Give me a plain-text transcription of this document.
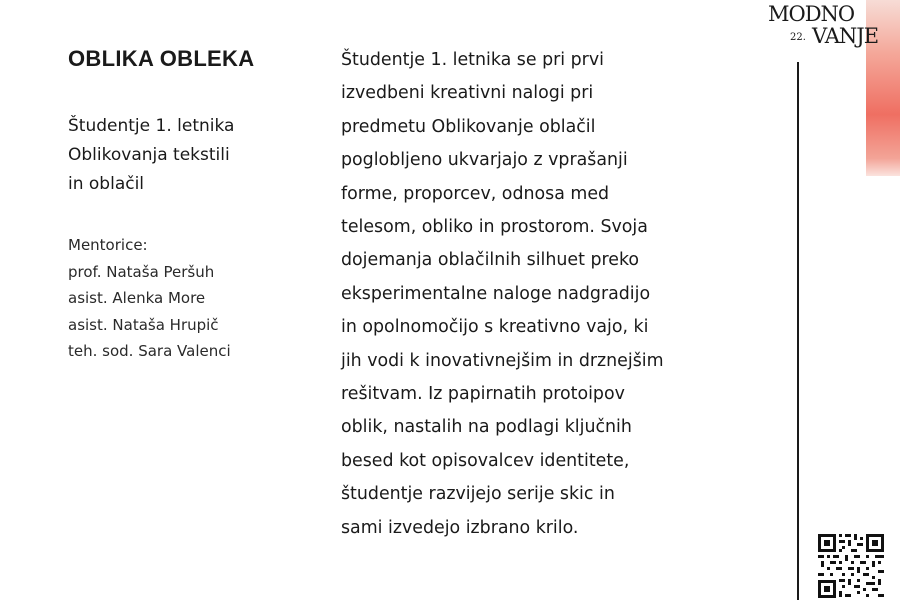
MODNO
22. VANJE
OBLIKA OBLEKA
Študentje 1. letnika
Oblikovanja tekstili
in oblačil
Mentorice:
prof. Nataša Peršuh
asist. Alenka More
asist. Nataša Hrupič
teh. sod. Sara Valenci
Študentje 1. letnika se pri prvi
izvedbeni kreativni nalogi pri
predmetu Oblikovanje oblačil
poglobljeno ukvarjajo z vprašanji
forme, proporcev, odnosa med
telesom, obliko in prostorom. Svoja
dojemanja oblačilnih silhuet preko
eksperimentalne naloge nadgradijo
in opolnomočijo s kreativno vajo, ki
jih vodi k inovativnejšim in drznejšim
rešitvam. Iz papirnatih protoipov
oblik, nastalih na podlagi ključnih
besed kot opisovalcev identitete,
študentje razvijejo serije skic in
sami izvedejo izbrano krilo.
